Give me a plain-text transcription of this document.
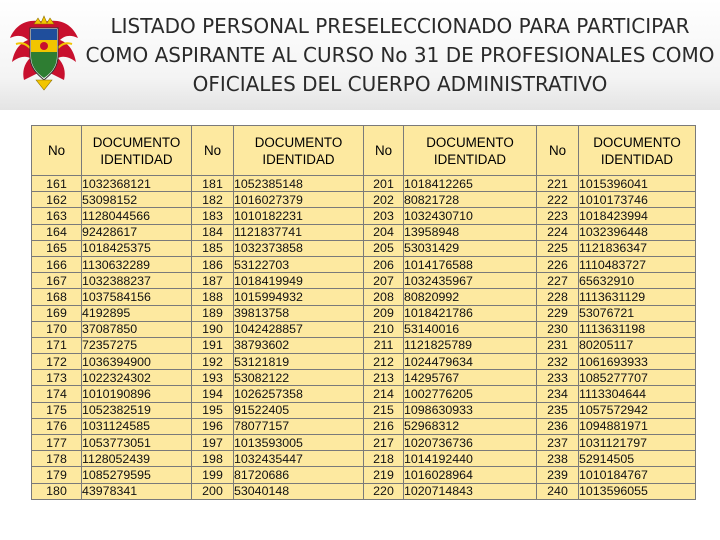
LISTADO PERSONAL PRESELECCIONADO PARA PARTICIPAR
COMO ASPIRANTE AL CURSO No 31 DE PROFESIONALES COMO
OFICIALES DEL CUERPO ADMINISTRATIVO
No	DOCUMENTO IDENTIDAD	No	DOCUMENTO IDENTIDAD	No	DOCUMENTO IDENTIDAD	No	DOCUMENTO IDENTIDAD
161	1032368121	181	1052385148	201	1018412265	221	1015396041
162	53098152	182	1016027379	202	80821728	222	1010173746
163	1128044566	183	1010182231	203	1032430710	223	1018423994
164	92428617	184	1121837741	204	13958948	224	1032396448
165	1018425375	185	1032373858	205	53031429	225	1121836347
166	1130632289	186	53122703	206	1014176588	226	1110483727
167	1032388237	187	1018419949	207	1032435967	227	65632910
168	1037584156	188	1015994932	208	80820992	228	1113631129
169	4192895	189	39813758	209	1018421786	229	53076721
170	37087850	190	1042428857	210	53140016	230	1113631198
171	72357275	191	38793602	211	1121825789	231	80205117
172	1036394900	192	53121819	212	1024479634	232	1061693933
173	1022324302	193	53082122	213	14295767	233	1085277707
174	1010190896	194	1026257358	214	1002776205	234	1113304644
175	1052382519	195	91522405	215	1098630933	235	1057572942
176	1031124585	196	78077157	216	52968312	236	1094881971
177	1053773051	197	1013593005	217	1020736736	237	1031121797
178	1128052439	198	1032435447	218	1014192440	238	52914505
179	1085279595	199	81720686	219	1016028964	239	1010184767
180	43978341	200	53040148	220	1020714843	240	1013596055
